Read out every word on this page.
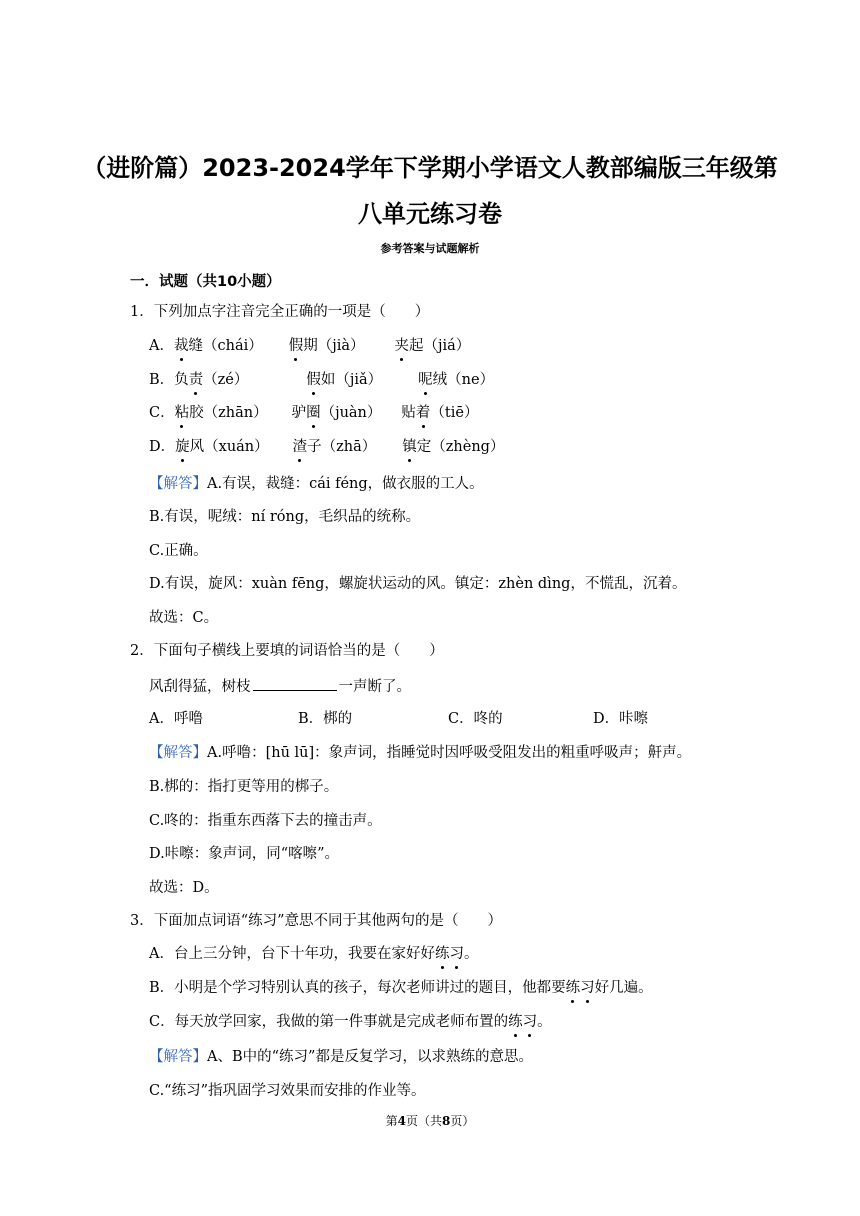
（进阶篇）2023-2024学年下学期小学语文人教部编版三年级第
八单元练习卷
参考答案与试题解析
一．试题（共10小题）
1．下列加点字注音完全正确的一项是（　　）
A．裁缝（chái） 假期（jià） 夹起（jiá）
B．负责（zé）	假如（jiǎ） 呢绒（ne）
C．粘胶（zhān） 驴圈（juàn） 贴着（tiē）
D．旋风（xuán） 渣子（zhā） 镇定（zhèng）
【解答】A.有误，裁缝：cái féng，做衣服的工人。
B.有误，呢绒：ní róng，毛织品的统称。
C.正确。
D.有误，旋风：xuàn fēng，螺旋状运动的风。镇定：zhèn dìng，不慌乱，沉着。
故选：C。
2．下面句子横线上要填的词语恰当的是（　　）
风刮得猛，树枝	一声断了。
A．呼噜	B．梆的	C．咚的	D．咔嚓
【解答】A.呼噜：[hū lū]：象声词，指睡觉时因呼吸受阻发出的粗重呼吸声；鼾声。
B.梆的：指打更等用的梆子。
C.咚的：指重东西落下去的撞击声。
D.咔嚓：象声词，同“喀嚓”。
故选：D。
3．下面加点词语“练习”意思不同于其他两句的是（　　）
A．台上三分钟，台下十年功，我要在家好好练习。
B．小明是个学习特别认真的孩子，每次老师讲过的题目，他都要练习好几遍。
C．每天放学回家，我做的第一件事就是完成老师布置的练习。
【解答】A、B中的“练习”都是反复学习，以求熟练的意思。
C.“练习”指巩固学习效果而安排的作业等。
第4页（共8页）
